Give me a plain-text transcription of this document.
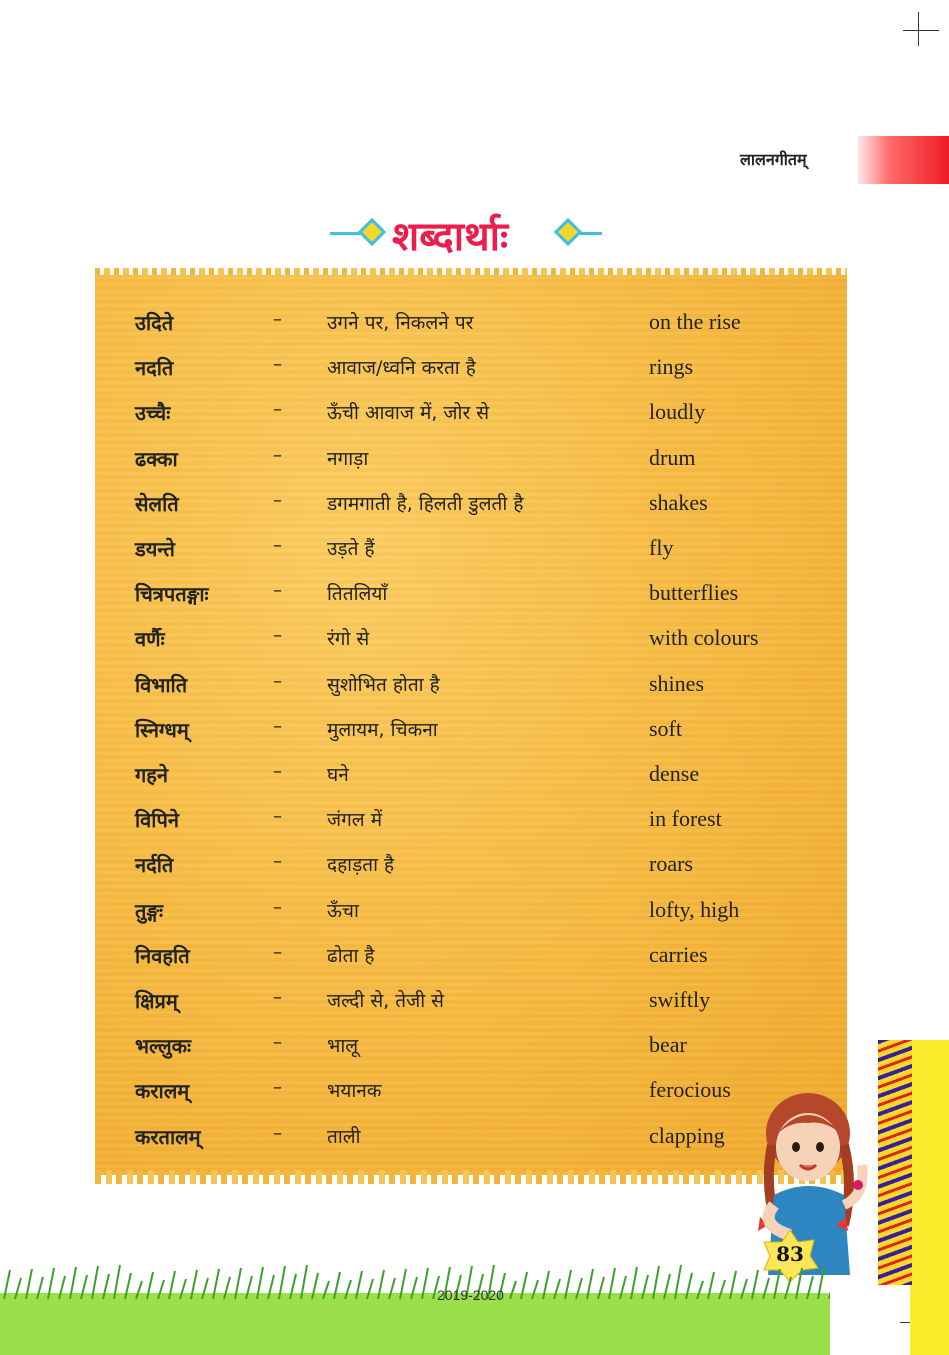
लालनगीतम्
शब्दार्थाः
उदिते	– उगने पर, निकलने पर	on the rise
नदति	– आवाज/ध्वनि करता है	rings
उच्चैः	– ऊँची आवाज में, जोर से	loudly
ढक्का	– नगाड़ा	drum
सेलति	– डगमगाती है, हिलती डुलती है	shakes
डयन्ते	– उड़ते हैं	fly
चित्रपतङ्गाः	– तितलियाँ	butterflies
वर्णैः	– रंगो से	with colours
विभाति	– सुशोभित होता है	shines
स्निग्धम्	– मुलायम, चिकना	soft
गहने	– घने	dense
विपिने	– जंगल में	in forest
नर्दति	– दहाड़ता है	roars
तुङ्गः	– ऊँचा	lofty, high
निवहति	– ढोता है	carries
क्षिप्रम्	– जल्दी से, तेजी से	swiftly
भल्लुकः	– भालू	bear
करालम्	– भयानक	ferocious
करतालम्	– ताली	clapping
83
2019-2020
